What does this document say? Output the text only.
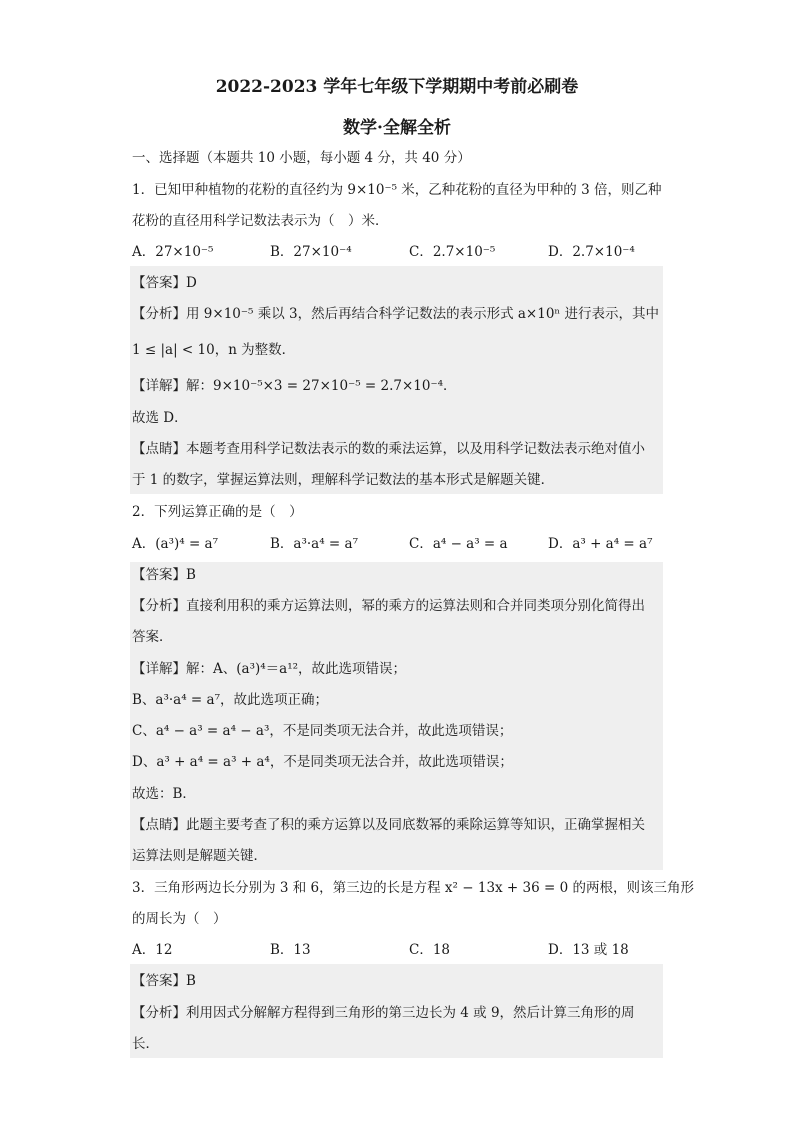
2022-2023 学年七年级下学期期中考前必刷卷
数学·全解全析
一、选择题（本题共 10 小题，每小题 4 分，共 40 分）
1．已知甲种植物的花粉的直径约为 9×10⁻⁵ 米，乙种花粉的直径为甲种的 3 倍，则乙种
花粉的直径用科学记数法表示为（　）米．
A．27×10⁻⁵	B．27×10⁻⁴	C．2.7×10⁻⁵	D．2.7×10⁻⁴
【答案】D
【分析】用 9×10⁻⁵ 乘以 3，然后再结合科学记数法的表示形式 a×10ⁿ 进行表示，其中
1 ≤ |a| < 10，n 为整数．
【详解】解：9×10⁻⁵×3 = 27×10⁻⁵ = 2.7×10⁻⁴．
故选 D．
【点睛】本题考查用科学记数法表示的数的乘法运算，以及用科学记数法表示绝对值小
于 1 的数字，掌握运算法则，理解科学记数法的基本形式是解题关键．
2．下列运算正确的是（　）
A．(a³)⁴ = a⁷	B．a³·a⁴ = a⁷	C．a⁴ − a³ = a	D．a³ + a⁴ = a⁷
【答案】B
【分析】直接利用积的乘方运算法则，幂的乘方的运算法则和合并同类项分别化简得出
答案．
【详解】解：A、(a³)⁴＝a¹²，故此选项错误；
B、a³·a⁴ = a⁷，故此选项正确；
C、a⁴ − a³ = a⁴ − a³，不是同类项无法合并，故此选项错误；
D、a³ + a⁴ = a³ + a⁴，不是同类项无法合并，故此选项错误；
故选：B．
【点睛】此题主要考查了积的乘方运算以及同底数幂的乘除运算等知识，正确掌握相关
运算法则是解题关键．
3．三角形两边长分别为 3 和 6，第三边的长是方程 x² − 13x + 36 = 0 的两根，则该三角形
的周长为（　）
A．12	B．13	C．18	D．13 或 18
【答案】B
【分析】利用因式分解解方程得到三角形的第三边长为 4 或 9，然后计算三角形的周
长．
